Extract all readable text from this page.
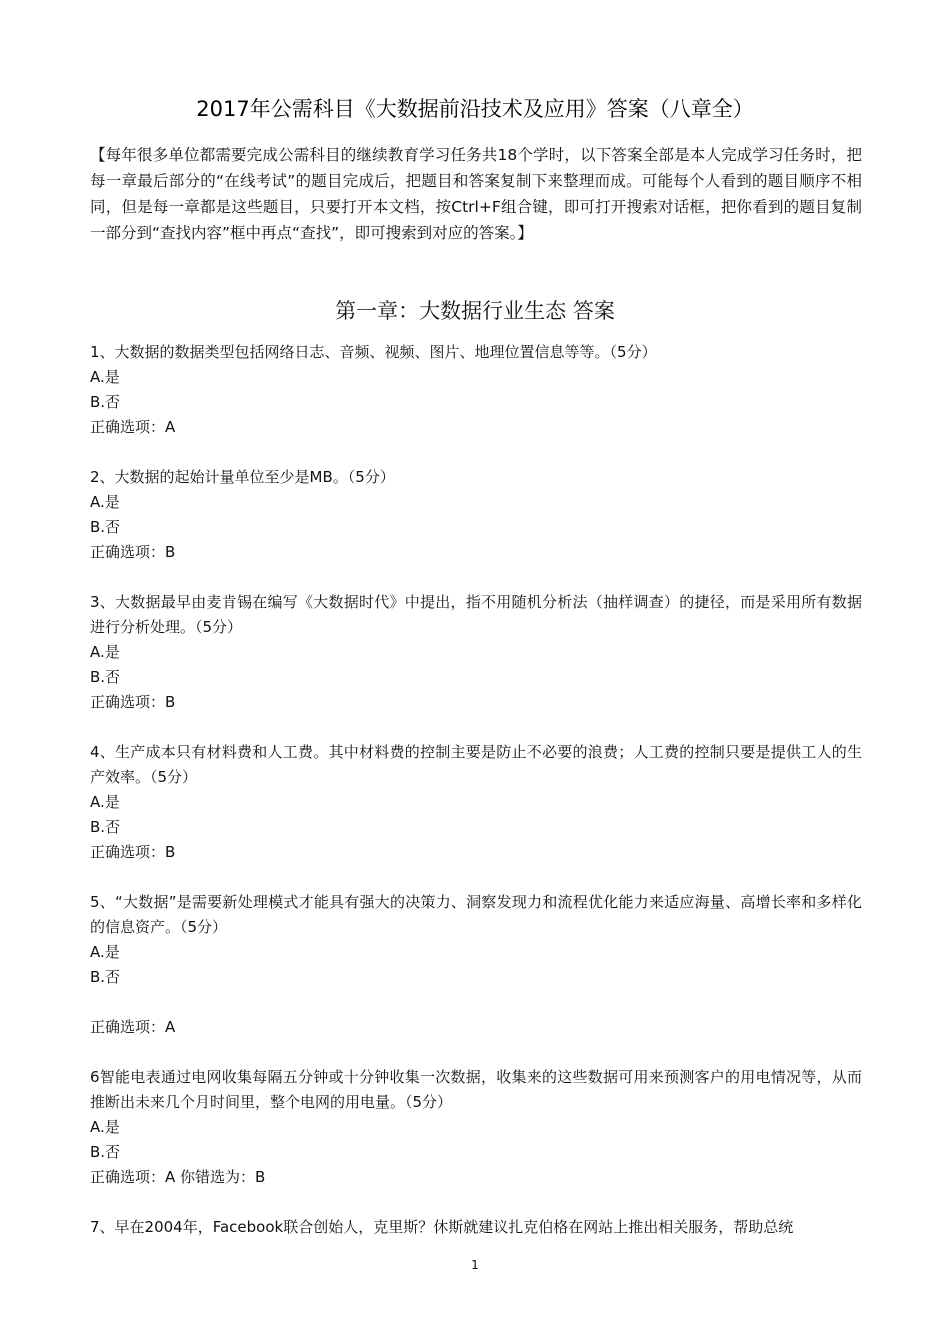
2017年公需科目《大数据前沿技术及应用》答案（八章全）
【每年很多单位都需要完成公需科目的继续教育学习任务共18个学时，以下答案全部是本人完成学习任务时，把每一章最后部分的“在线考试”的题目完成后，把题目和答案复制下来整理而成。可能每个人看到的题目顺序不相同，但是每一章都是这些题目，只要打开本文档，按Ctrl+F组合键，即可打开搜索对话框，把你看到的题目复制一部分到“查找内容”框中再点“查找”，即可搜索到对应的答案。】
第一章：大数据行业生态 答案
1、大数据的数据类型包括网络日志、音频、视频、图片、地理位置信息等等。（5分）
A.是
B.否
正确选项：A
2、大数据的起始计量单位至少是MB。（5分）
A.是
B.否
正确选项：B
3、大数据最早由麦肯锡在编写《大数据时代》中提出，指不用随机分析法（抽样调查）的捷径，而是采用所有数据进行分析处理。（5分）
A.是
B.否
正确选项：B
4、生产成本只有材料费和人工费。其中材料费的控制主要是防止不必要的浪费；人工费的控制只要是提供工人的生产效率。（5分）
A.是
B.否
正确选项：B
5、“大数据”是需要新处理模式才能具有强大的决策力、洞察发现力和流程优化能力来适应海量、高增长率和多样化的信息资产。（5分）
A.是
B.否
正确选项：A
6智能电表通过电网收集每隔五分钟或十分钟收集一次数据，收集来的这些数据可用来预测客户的用电情况等，从而推断出未来几个月时间里，整个电网的用电量。（5分）
A.是
B.否
正确选项：A 你错选为：B
7、早在2004年，Facebook联合创始人，克里斯？休斯就建议扎克伯格在网站上推出相关服务，帮助总统
1
